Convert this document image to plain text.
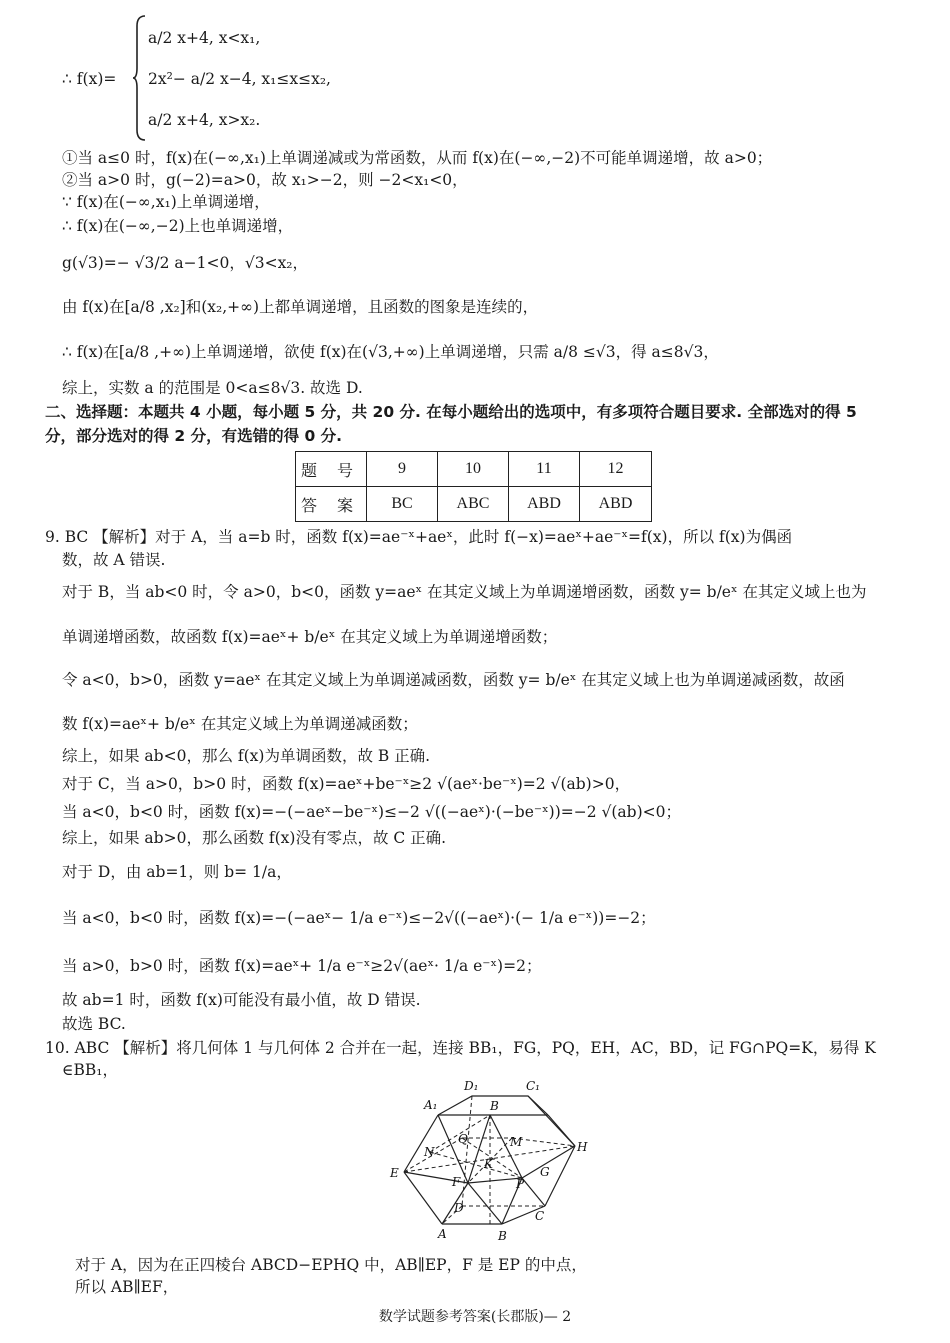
a/2 x+4, x<x₁,
∴ f(x)= 2x²− a/2 x−4, x₁≤x≤x₂,
a/2 x+4, x>x₂.
①当 a≤0 时，f(x)在(−∞,x₁)上单调递减或为常函数，从而 f(x)在(−∞,−2)不可能单调递增，故 a>0；
②当 a>0 时，g(−2)=a>0，故 x₁>−2，则 −2<x₁<0，
∵ f(x)在(−∞,x₁)上单调递增，
∴ f(x)在(−∞,−2)上也单调递增，
g(√3)=− √3/2 a−1<0，√3<x₂，
由 f(x)在[a/8 ,x₂]和(x₂,+∞)上都单调递增，且函数的图象是连续的，
∴ f(x)在[a/8 ,+∞)上单调递增，欲使 f(x)在(√3,+∞)上单调递增，只需 a/8 ≤√3，得 a≤8√3，
综上，实数 a 的范围是 0<a≤8√3. 故选 D.
二、选择题：本题共 4 小题，每小题 5 分，共 20 分. 在每小题给出的选项中，有多项符合题目要求. 全部选对的得 5
分，部分选对的得 2 分，有选错的得 0 分.
题 号	9	10	11	12
答 案	BC	ABC	ABD	ABD
9. BC 【解析】对于 A，当 a=b 时，函数 f(x)=ae⁻ˣ+aeˣ，此时 f(−x)=aeˣ+ae⁻ˣ=f(x)，所以 f(x)为偶函
数，故 A 错误.
对于 B，当 ab<0 时，令 a>0，b<0，函数 y=aeˣ 在其定义域上为单调递增函数，函数 y= b/eˣ 在其定义域上也为
单调递增函数，故函数 f(x)=aeˣ+ b/eˣ 在其定义域上为单调递增函数；
令 a<0，b>0，函数 y=aeˣ 在其定义域上为单调递减函数，函数 y= b/eˣ 在其定义域上也为单调递减函数，故函
数 f(x)=aeˣ+ b/eˣ 在其定义域上为单调递减函数；
综上，如果 ab<0，那么 f(x)为单调函数，故 B 正确.
对于 C，当 a>0，b>0 时，函数 f(x)=aeˣ+be⁻ˣ≥2 √(aeˣ·be⁻ˣ)=2 √(ab)>0，
当 a<0，b<0 时，函数 f(x)=−(−aeˣ−be⁻ˣ)≤−2 √((−aeˣ)·(−be⁻ˣ))=−2 √(ab)<0；
综上，如果 ab>0，那么函数 f(x)没有零点，故 C 正确.
对于 D，由 ab=1，则 b= 1/a，
当 a<0，b<0 时，函数 f(x)=−(−aeˣ− 1/a e⁻ˣ)≤−2√((−aeˣ)·(− 1/a e⁻ˣ))=−2；
当 a>0，b>0 时，函数 f(x)=aeˣ+ 1/a e⁻ˣ≥2√(aeˣ· 1/a e⁻ˣ)=2；
故 ab=1 时，函数 f(x)可能没有最小值，故 D 错误.
故选 BC.
10. ABC 【解析】将几何体 1 与几何体 2 合并在一起，连接 BB₁，FG，PQ，EH，AC，BD，记 FG∩PQ=K，易得 K
∈BB₁，
A₁
D₁	C₁
B
Q	M
N
K
H
E
F	P
G
D
C
A	B
对于 A，因为在正四棱台 ABCD−EPHQ 中，AB∥EP，F 是 EP 的中点，
所以 AB∥EF，
数学试题参考答案(长郡版)— 2
